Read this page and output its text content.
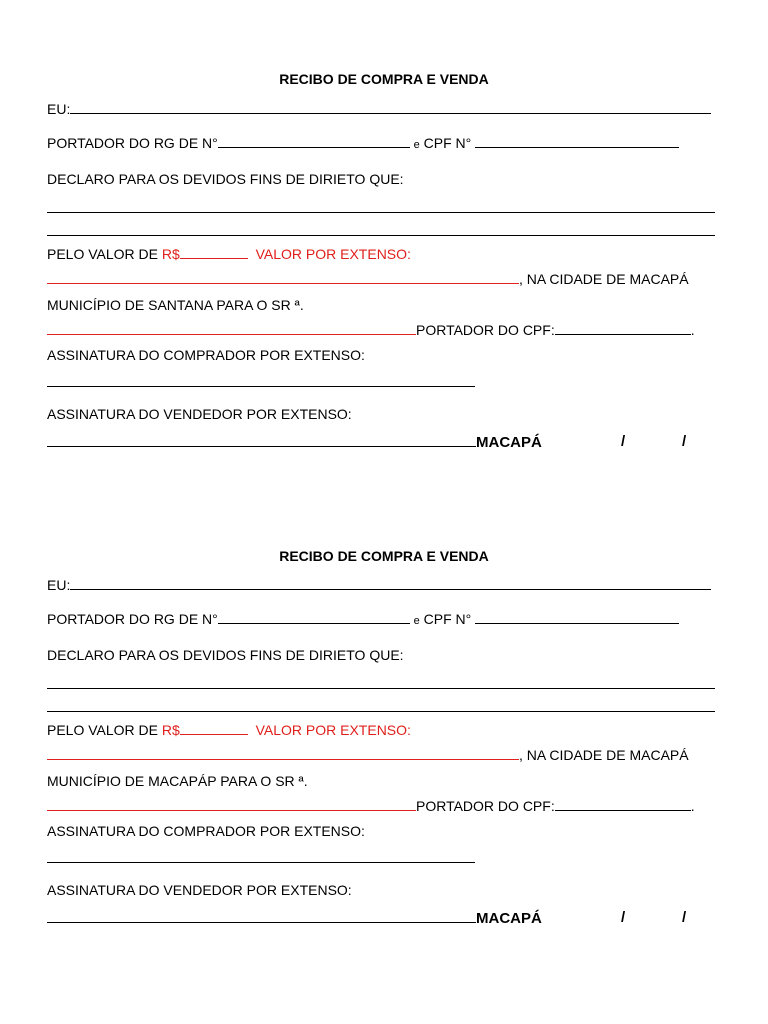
RECIBO DE COMPRA E VENDA
EU:
PORTADOR DO RG DE N°	e CPF N°
DECLARO PARA OS DEVIDOS FINS DE DIRIETO QUE:
PELO VALOR DE R$	VALOR POR EXTENSO:
, NA CIDADE DE MACAPÁ
MUNICÍPIO DE SANTANA PARA O SR ª.
PORTADOR DO CPF:	.
ASSINATURA DO COMPRADOR POR EXTENSO:
ASSINATURA DO VENDEDOR POR EXTENSO:
MACAPÁ	/	/
RECIBO DE COMPRA E VENDA
EU:
PORTADOR DO RG DE N°	e CPF N°
DECLARO PARA OS DEVIDOS FINS DE DIRIETO QUE:
PELO VALOR DE R$	VALOR POR EXTENSO:
, NA CIDADE DE MACAPÁ
MUNICÍPIO DE MACAPÁP PARA O SR ª.
PORTADOR DO CPF:	.
ASSINATURA DO COMPRADOR POR EXTENSO:
ASSINATURA DO VENDEDOR POR EXTENSO:
MACAPÁ	/	/
